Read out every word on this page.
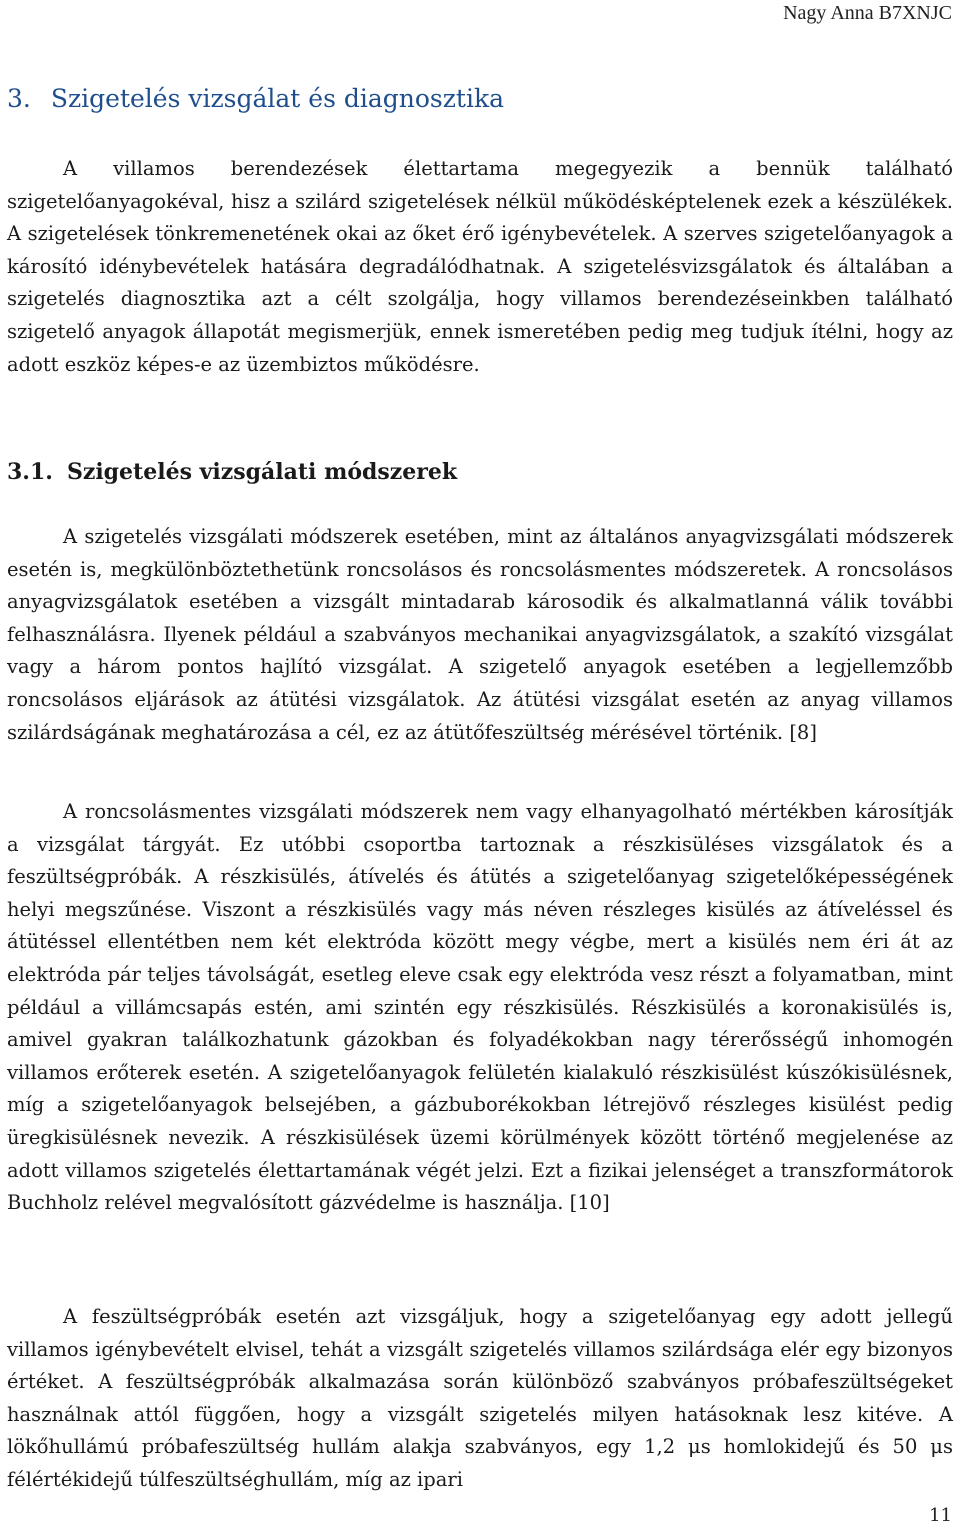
Nagy Anna B7XNJC
3. Szigetelés vizsgálat és diagnosztika

A villamos berendezések élettartama megegyezik a bennük található szigetelőanyagokéval, hisz a szilárd szigetelések nélkül működésképtelenek ezek a készülékek. A szigetelések tönkremenetének okai az őket érő igénybevételek. A szerves szigetelőanyagok a károsító idénybevételek hatására degradálódhatnak. A szigetelésvizsgálatok és általában a szigetelés diagnosztika azt a célt szolgálja, hogy villamos berendezéseinkben található szigetelő anyagok állapotát megismerjük, ennek ismeretében pedig meg tudjuk ítélni, hogy az adott eszköz képes-e az üzembiztos működésre.

3.1. Szigetelés vizsgálati módszerek

A szigetelés vizsgálati módszerek esetében, mint az általános anyagvizsgálati módszerek esetén is, megkülönböztethetünk roncsolásos és roncsolásmentes módszeretek. A roncsolásos anyagvizsgálatok esetében a vizsgált mintadarab károsodik és alkalmatlanná válik további felhasználásra. Ilyenek például a szabványos mechanikai anyagvizsgálatok, a szakító vizsgálat vagy a három pontos hajlító vizsgálat. A szigetelő anyagok esetében a legjellemzőbb roncsolásos eljárások az átütési vizsgálatok. Az átütési vizsgálat esetén az anyag villamos szilárdságának meghatározása a cél, ez az átütőfeszültség mérésével történik. [8]

A roncsolásmentes vizsgálati módszerek nem vagy elhanyagolható mértékben károsítják a vizsgálat tárgyát. Ez utóbbi csoportba tartoznak a részkisüléses vizsgálatok és a feszültségpróbák. A részkisülés, átívelés és átütés a szigetelőanyag szigetelőképességének helyi megszűnése. Viszont a részkisülés vagy más néven részleges kisülés az átíveléssel és átütéssel ellentétben nem két elektróda között megy végbe, mert a kisülés nem éri át az elektróda pár teljes távolságát, esetleg eleve csak egy elektróda vesz részt a folyamatban, mint például a villámcsapás estén, ami szintén egy részkisülés. Részkisülés a koronakisülés is, amivel gyakran találkozhatunk gázokban és folyadékokban nagy térerősségű inhomogén villamos erőterek esetén. A szigetelőanyagok felületén kialakuló részkisülést kúszókisülésnek, míg a szigetelőanyagok belsejében, a gázbuborékokban létrejövő részleges kisülést pedig üregkisülésnek nevezik. A részkisülések üzemi körülmények között történő megjelenése az adott villamos szigetelés élettartamának végét jelzi. Ezt a fizikai jelenséget a transzformátorok Buchholz relével megvalósított gázvédelme is használja. [10]

A feszültségpróbák esetén azt vizsgáljuk, hogy a szigetelőanyag egy adott jellegű villamos igénybevételt elvisel, tehát a vizsgált szigetelés villamos szilárdsága elér egy bizonyos értéket. A feszültségpróbák alkalmazása során különböző szabványos próbafeszültségeket használnak attól függően, hogy a vizsgált szigetelés milyen hatásoknak lesz kitéve. A lökőhullámú próbafeszültség hullám alakja szabványos, egy 1,2 μs homlokidejű és 50 μs félértékidejű túlfeszültséghullám, míg az ipari

11
